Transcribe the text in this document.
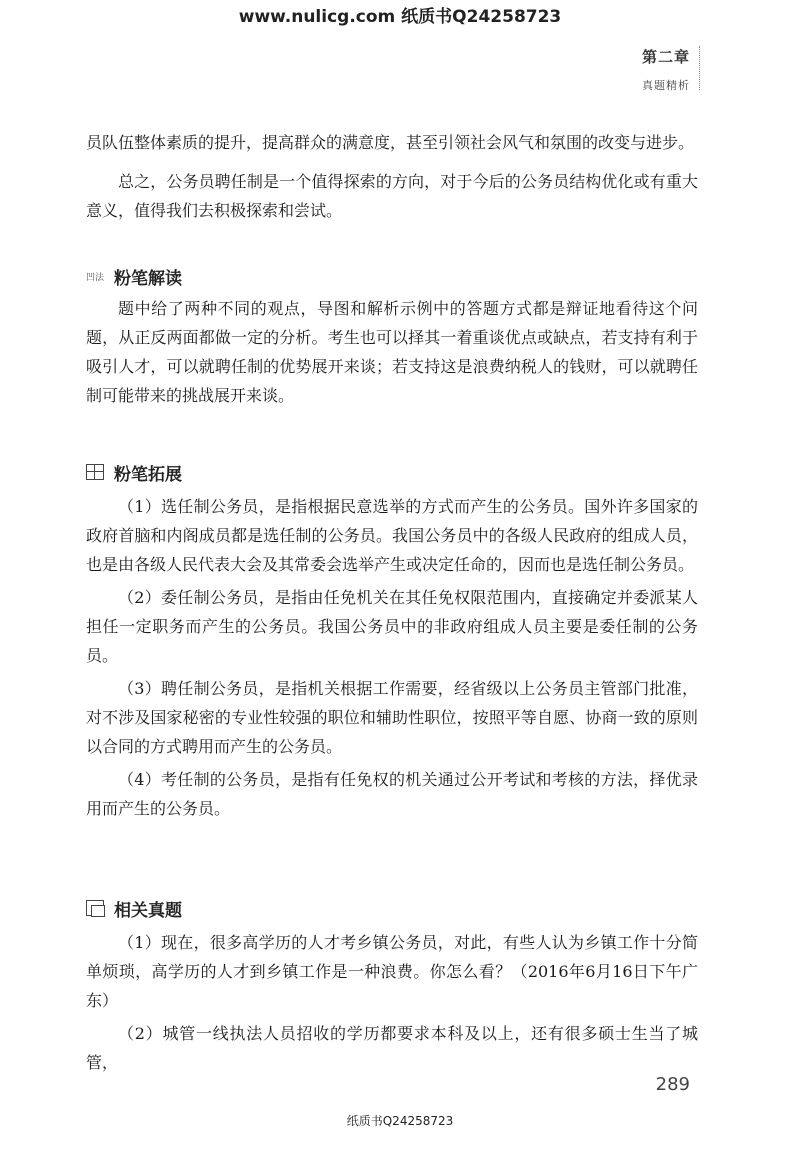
www.nulicg.com 纸质书Q24258723
第二章
真题精析

员队伍整体素质的提升，提高群众的满意度，甚至引领社会风气和氛围的改变与进步。

总之，公务员聘任制是一个值得探索的方向，对于今后的公务员结构优化或有重大意义，值得我们去积极探索和尝试。

凹法 粉笔解读

题中给了两种不同的观点，导图和解析示例中的答题方式都是辩证地看待这个问题，从正反两面都做一定的分析。考生也可以择其一着重谈优点或缺点，若支持有利于吸引人才，可以就聘任制的优势展开来谈；若支持这是浪费纳税人的钱财，可以就聘任制可能带来的挑战展开来谈。

粉笔拓展

（1）选任制公务员，是指根据民意选举的方式而产生的公务员。国外许多国家的政府首脑和内阁成员都是选任制的公务员。我国公务员中的各级人民政府的组成人员，也是由各级人民代表大会及其常委会选举产生或决定任命的，因而也是选任制公务员。

（2）委任制公务员，是指由任免机关在其任免权限范围内，直接确定并委派某人担任一定职务而产生的公务员。我国公务员中的非政府组成人员主要是委任制的公务员。

（3）聘任制公务员，是指机关根据工作需要，经省级以上公务员主管部门批准，对不涉及国家秘密的专业性较强的职位和辅助性职位，按照平等自愿、协商一致的原则以合同的方式聘用而产生的公务员。

（4）考任制的公务员，是指有任免权的机关通过公开考试和考核的方法，择优录用而产生的公务员。

相关真题

（1）现在，很多高学历的人才考乡镇公务员，对此，有些人认为乡镇工作十分简单烦琐，高学历的人才到乡镇工作是一种浪费。你怎么看？（2016年6月16日下午广东）

（2）城管一线执法人员招收的学历都要求本科及以上，还有很多硕士生当了城管，

289
纸质书Q24258723
